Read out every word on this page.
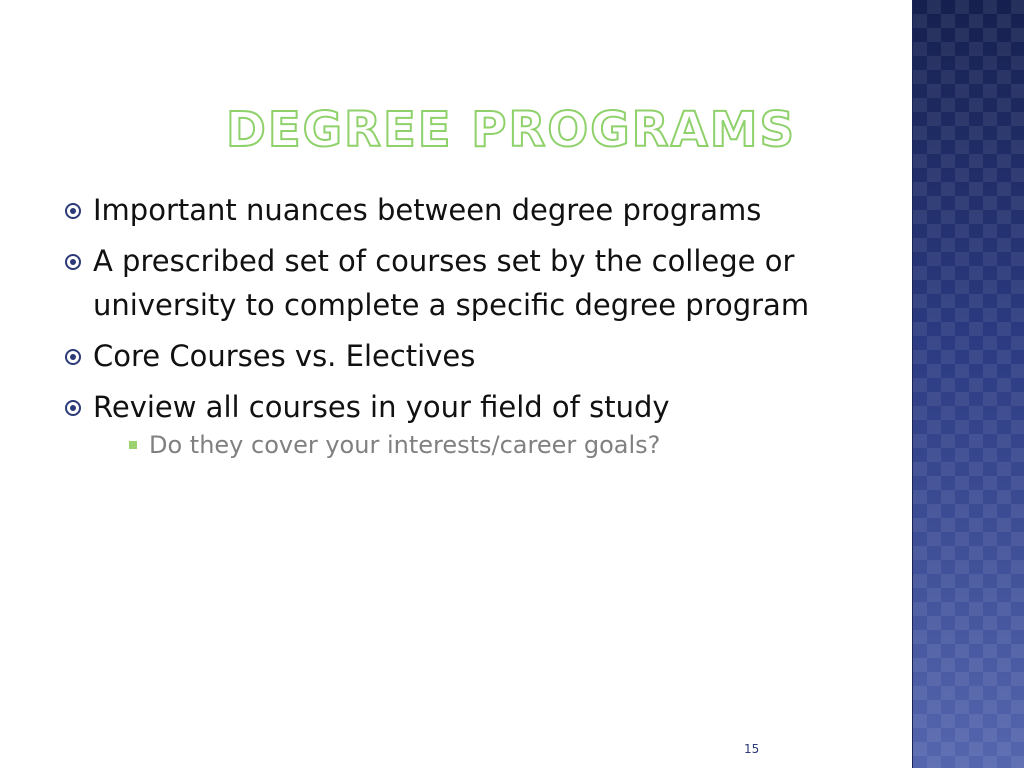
DEGREE PROGRAMS
Important nuances between degree programs
A prescribed set of courses set by the college or university to complete a specific degree program
Core Courses vs. Electives
Review all courses in your field of study
Do they cover your interests/career goals?
15
